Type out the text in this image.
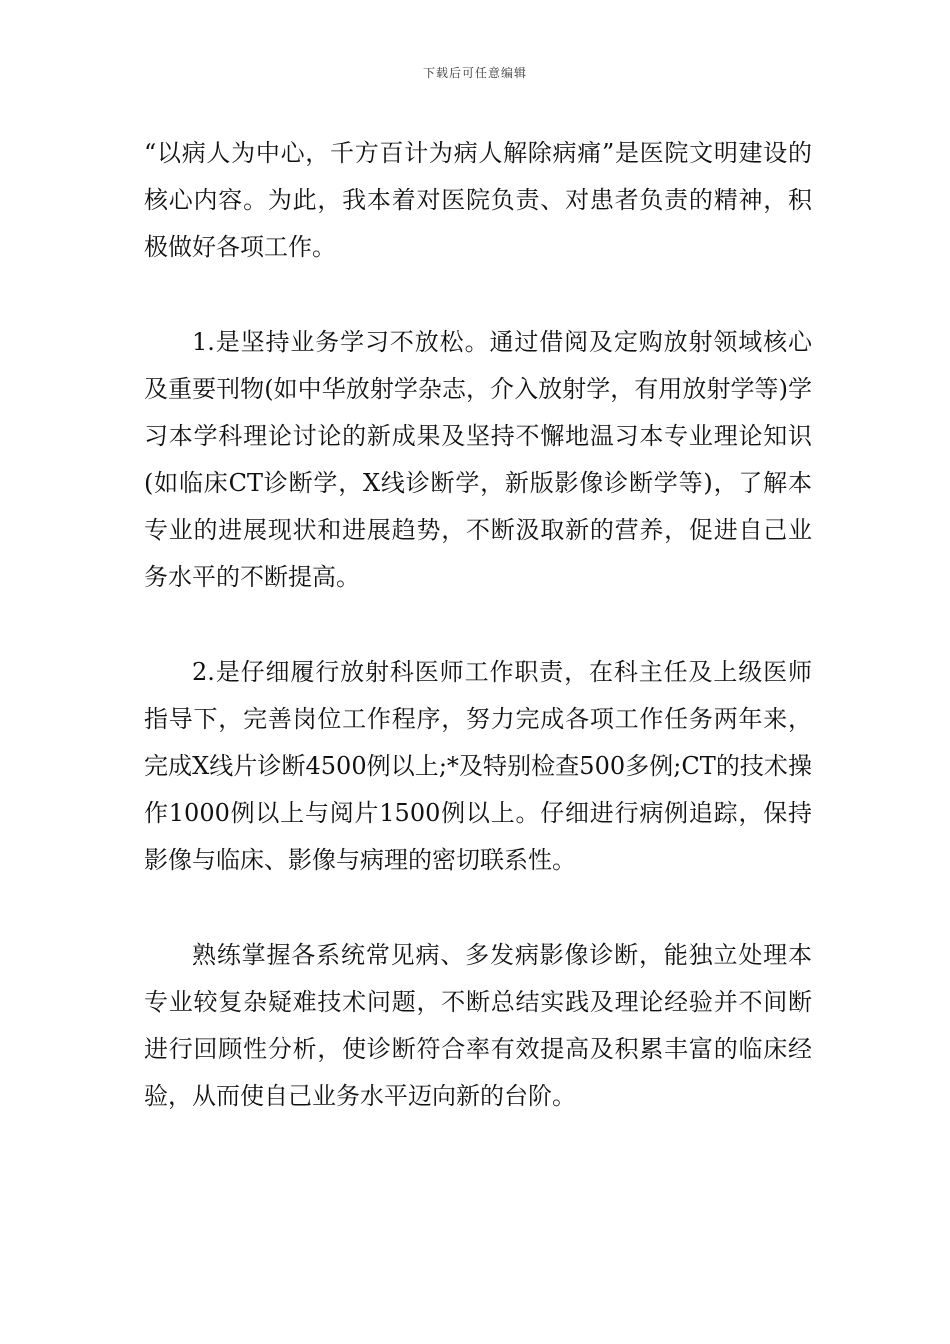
下载后可任意编辑

“以病人为中心，千方百计为病人解除病痛”是医院文明建设的核心内容。为此，我本着对医院负责、对患者负责的精神，积极做好各项工作。

1.是坚持业务学习不放松。通过借阅及定购放射领域核心及重要刊物(如中华放射学杂志，介入放射学，有用放射学等)学习本学科理论讨论的新成果及坚持不懈地温习本专业理论知识(如临床CT诊断学，X线诊断学，新版影像诊断学等)，了解本专业的进展现状和进展趋势，不断汲取新的营养，促进自己业务水平的不断提高。

2.是仔细履行放射科医师工作职责，在科主任及上级医师指导下，完善岗位工作程序，努力完成各项工作任务两年来，完成X线片诊断4500例以上;*及特别检查500多例;CT的技术操作1000例以上与阅片1500例以上。仔细进行病例追踪，保持影像与临床、影像与病理的密切联系性。

熟练掌握各系统常见病、多发病影像诊断，能独立处理本专业较复杂疑难技术问题，不断总结实践及理论经验并不间断进行回顾性分析，使诊断符合率有效提高及积累丰富的临床经验，从而使自己业务水平迈向新的台阶。
